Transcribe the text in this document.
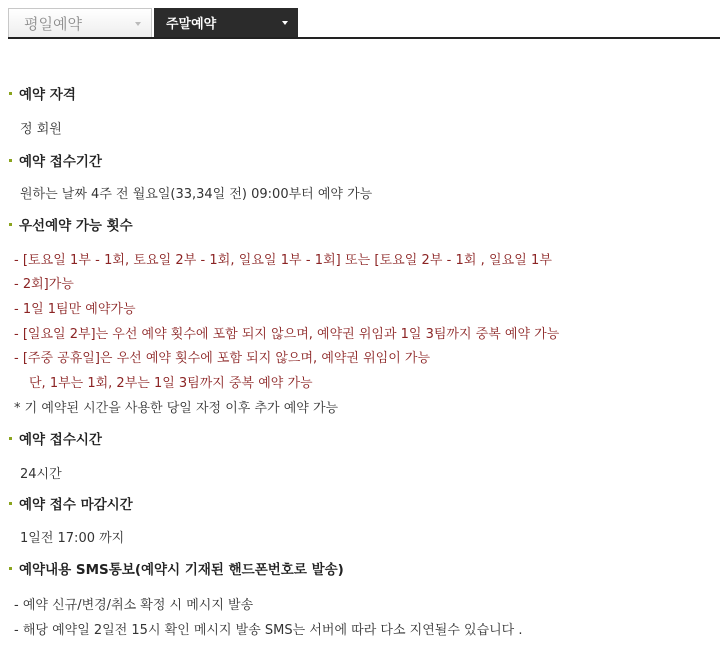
평일예약	주말예약
예약 자격
정 회원
예약 접수기간
원하는 날짜 4주 전 월요일(33,34일 전) 09:00부터 예약 가능
우선예약 가능 횟수
- [토요일 1부 - 1회, 토요일 2부 - 1회, 일요일 1부 - 1회] 또는 [토요일 2부 - 1회 , 일요일 1부
- 2회]가능
- 1일 1팀만 예약가능
- [일요일 2부]는 우선 예약 횟수에 포함 되지 않으며, 예약권 위임과 1일 3팀까지 중복 예약 가능
- [주중 공휴일]은 우선 예약 횟수에 포함 되지 않으며, 예약권 위임이 가능
단, 1부는 1회, 2부는 1일 3팀까지 중복 예약 가능
* 기 예약된 시간을 사용한 당일 자정 이후 추가 예약 가능
예약 접수시간
24시간
예약 접수 마감시간
1일전 17:00 까지
예약내용 SMS통보(예약시 기재된 핸드폰번호로 발송)
- 예약 신규/변경/취소 확정 시 메시지 발송
- 해당 예약일 2일전 15시 확인 메시지 발송 SMS는 서버에 따라 다소 지연될수 있습니다 .
